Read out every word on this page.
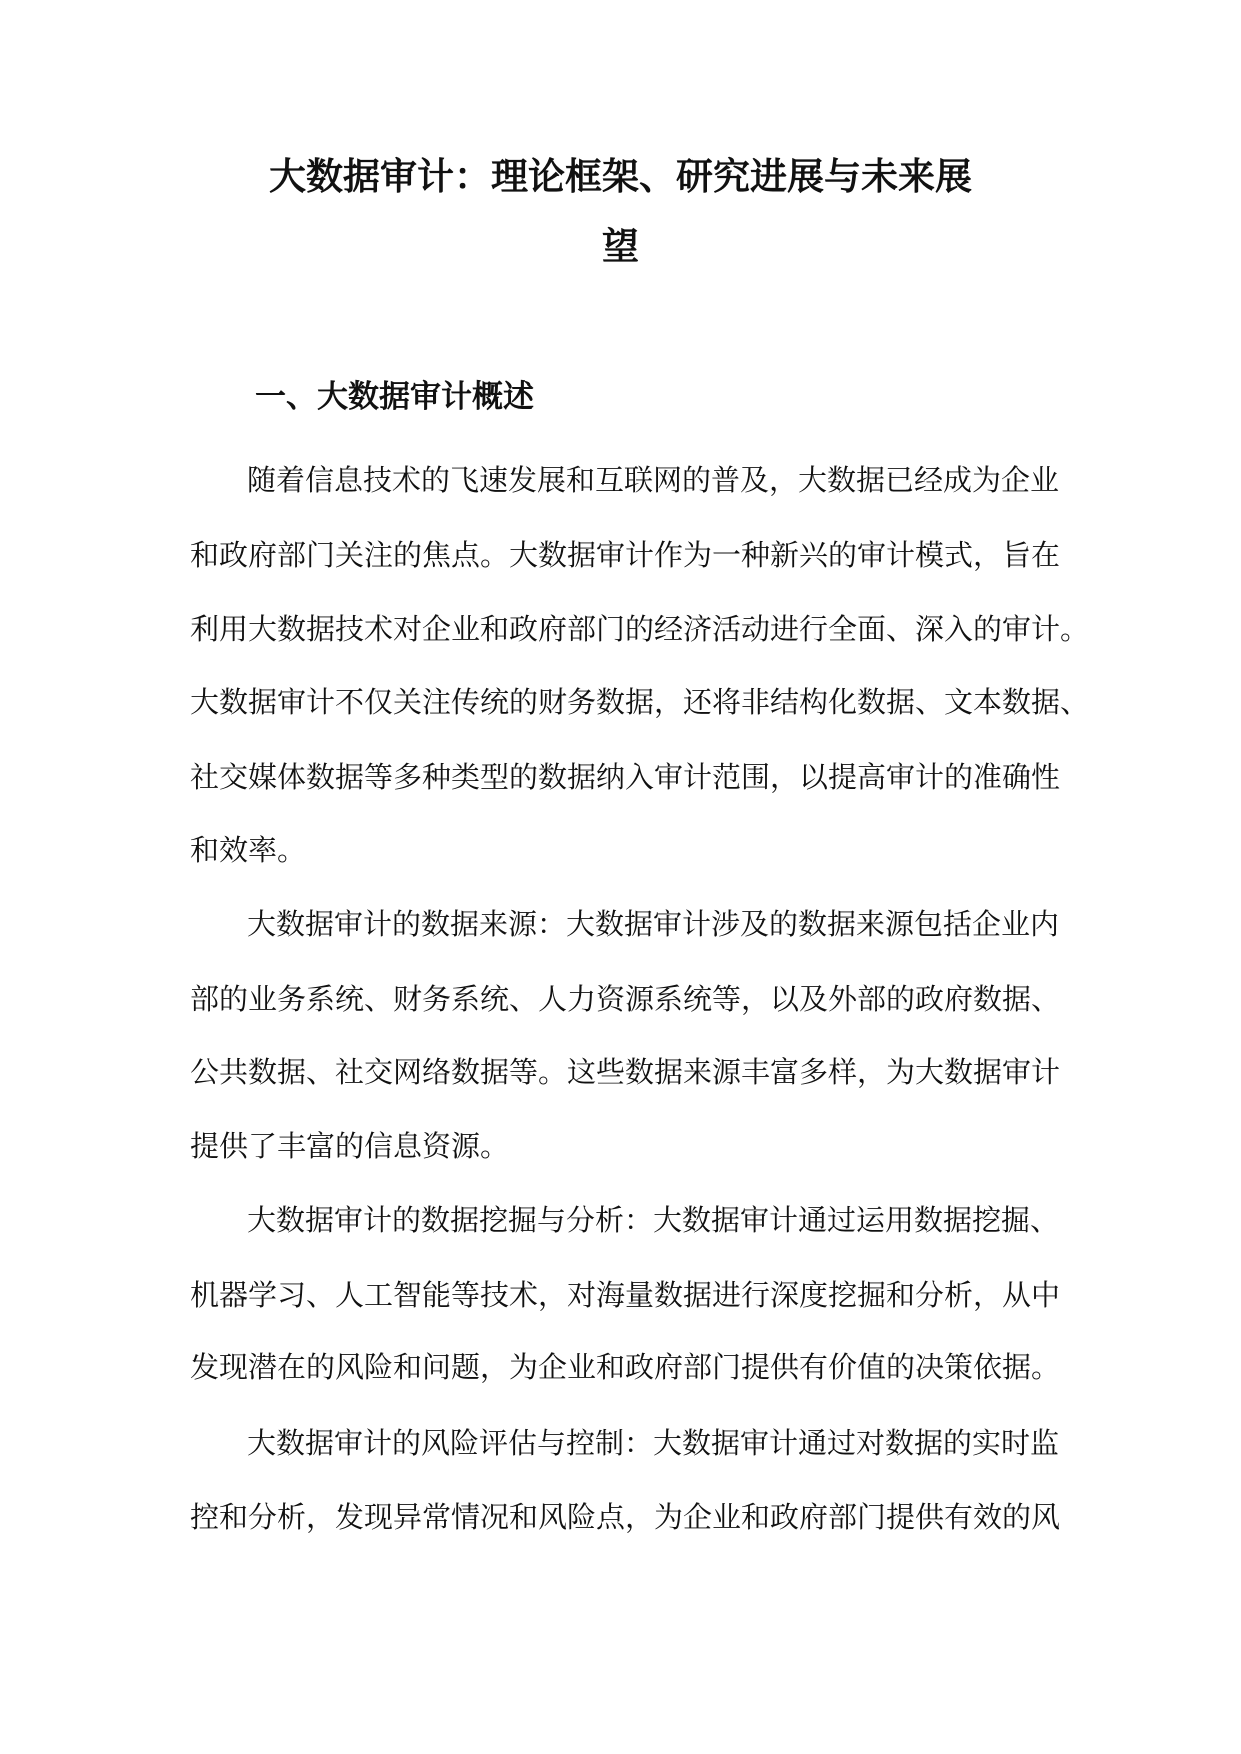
大数据审计：理论框架、研究进展与未来展
望
一、大数据审计概述
随着信息技术的飞速发展和互联网的普及，大数据已经成为企业
和政府部门关注的焦点。大数据审计作为一种新兴的审计模式，旨在
利用大数据技术对企业和政府部门的经济活动进行全面、深入的审计。
大数据审计不仅关注传统的财务数据，还将非结构化数据、文本数据、
社交媒体数据等多种类型的数据纳入审计范围，以提高审计的准确性
和效率。
大数据审计的数据来源：大数据审计涉及的数据来源包括企业内
部的业务系统、财务系统、人力资源系统等，以及外部的政府数据、
公共数据、社交网络数据等。这些数据来源丰富多样，为大数据审计
提供了丰富的信息资源。
大数据审计的数据挖掘与分析：大数据审计通过运用数据挖掘、
机器学习、人工智能等技术，对海量数据进行深度挖掘和分析，从中
发现潜在的风险和问题，为企业和政府部门提供有价值的决策依据。
大数据审计的风险评估与控制：大数据审计通过对数据的实时监
控和分析，发现异常情况和风险点，为企业和政府部门提供有效的风
